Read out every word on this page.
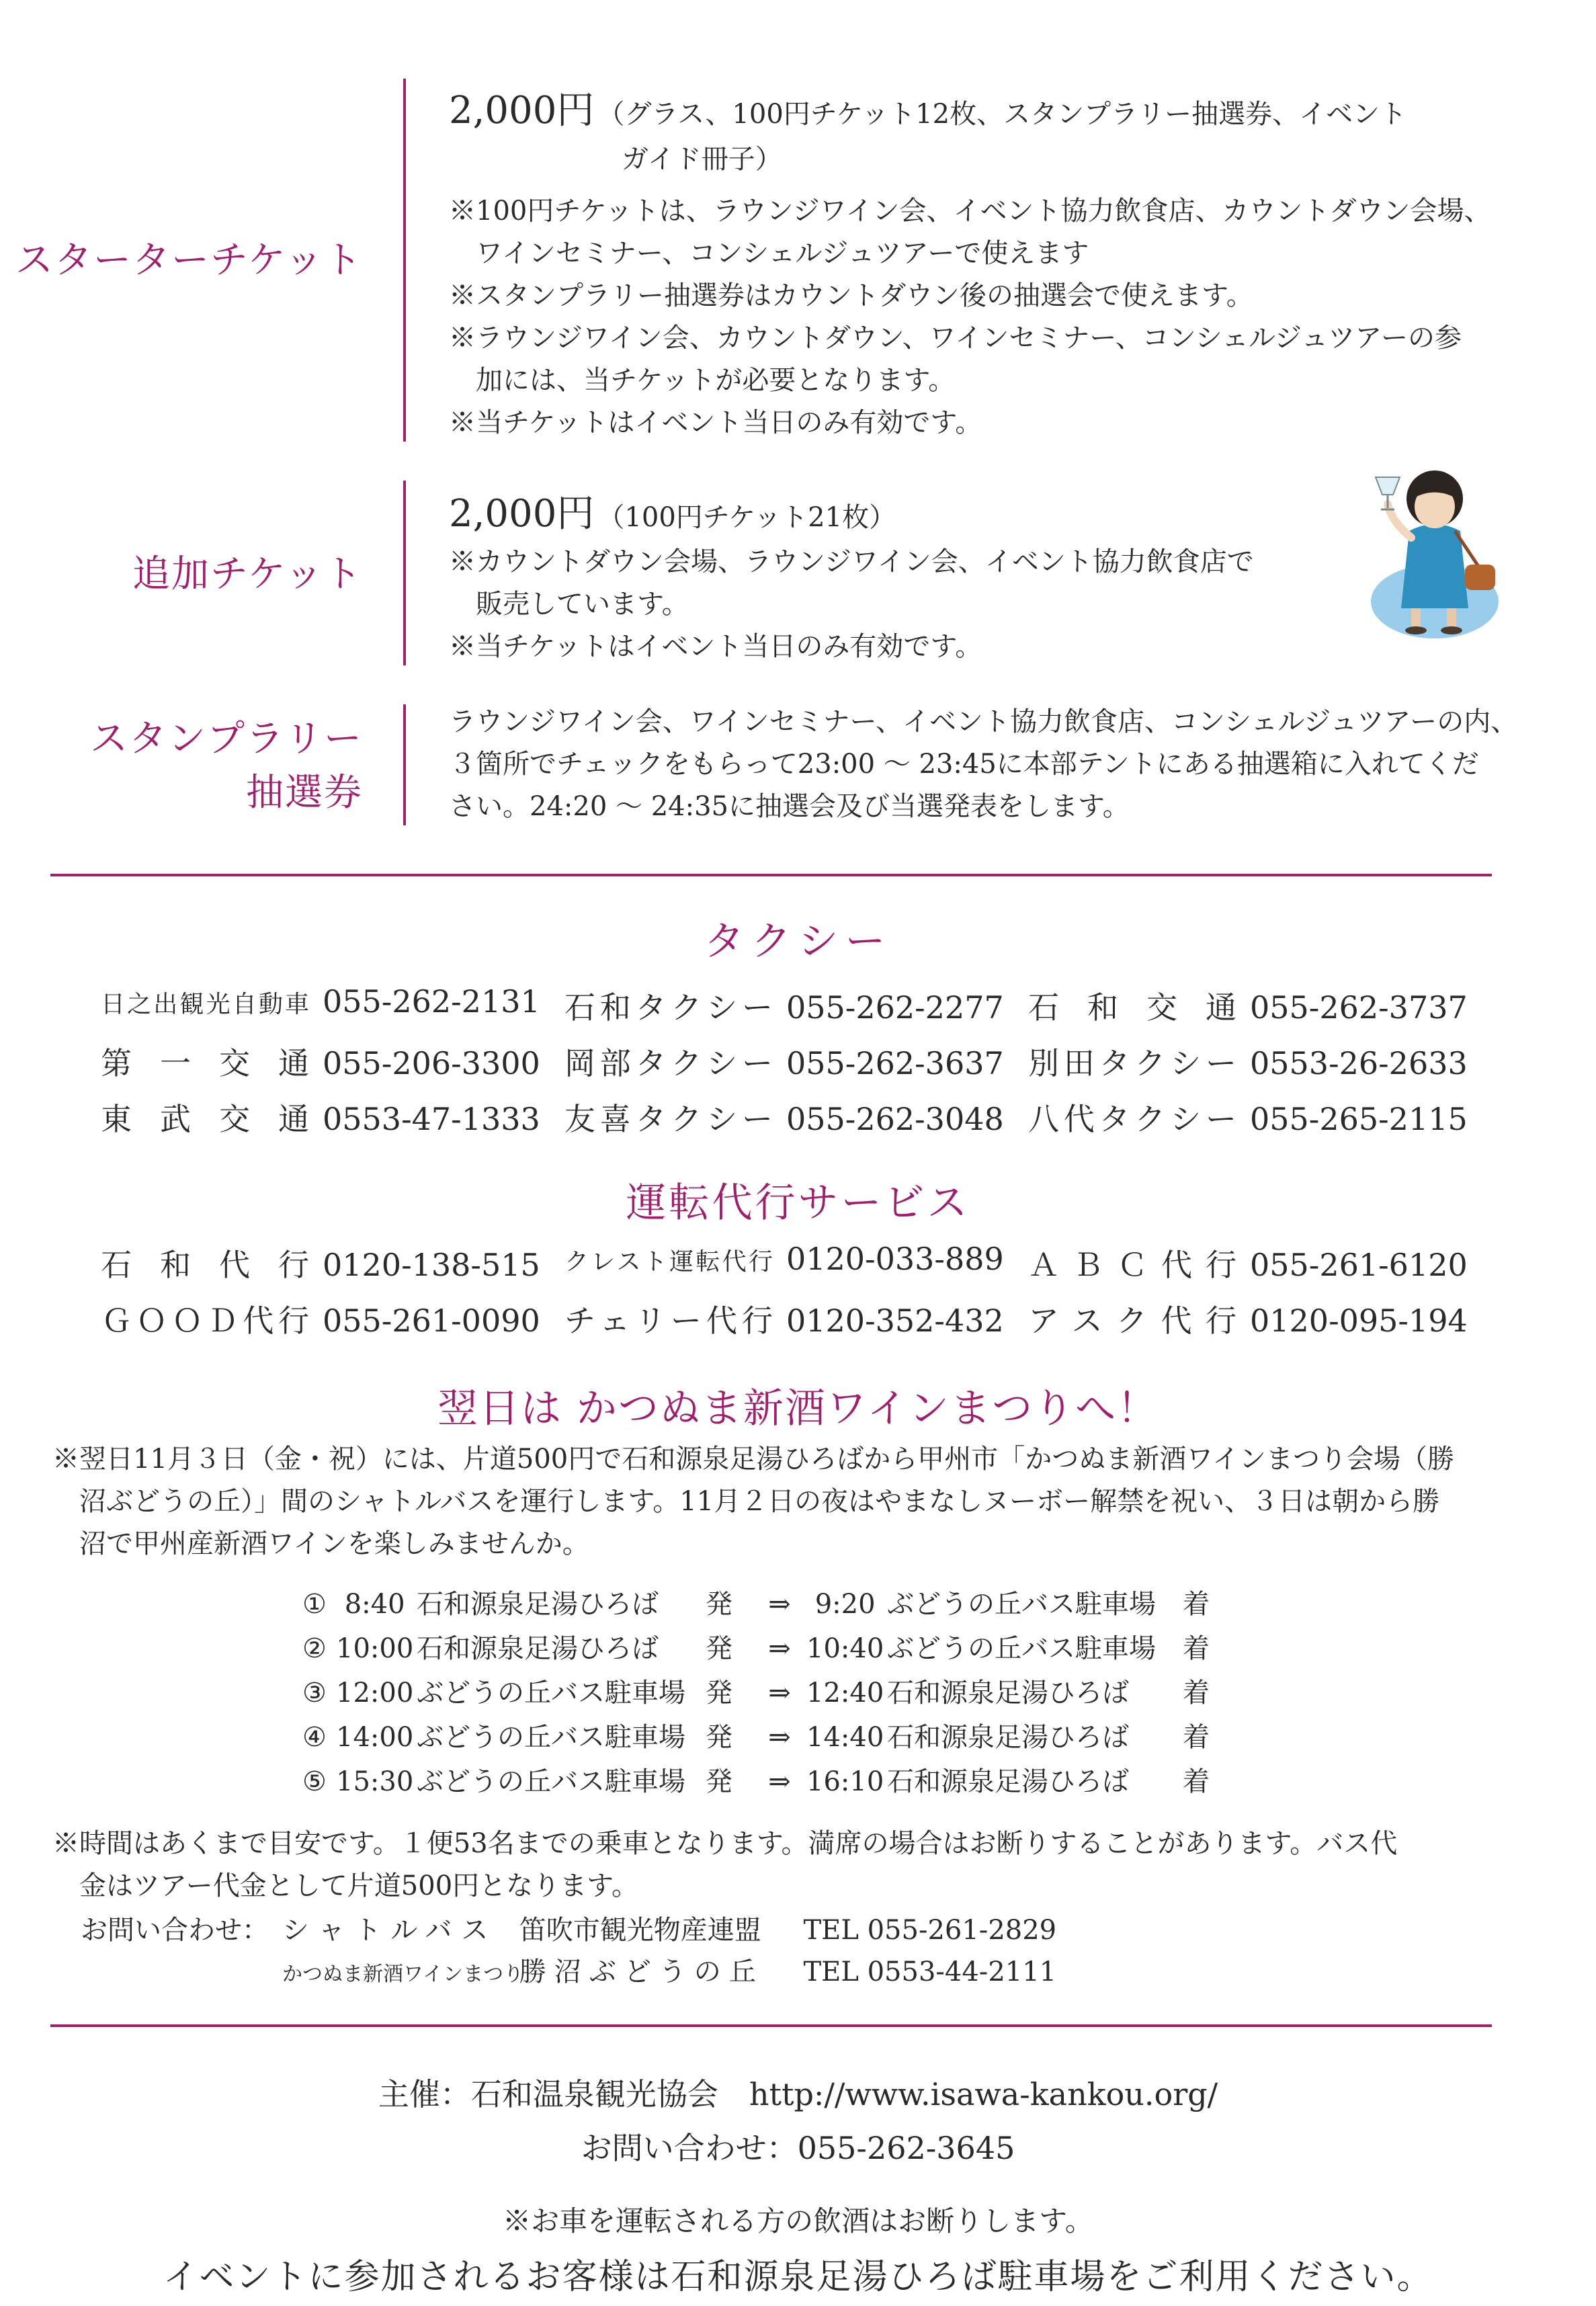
スターターチケット
2,000円 （グラス、100円チケット12枚、スタンプラリー抽選券、イベント
ガイド冊子）
※100円チケットは、ラウンジワイン会、イベント協力飲食店、カウントダウン会場、
ワインセミナー、コンシェルジュツアーで使えます
※スタンプラリー抽選券はカウントダウン後の抽選会で使えます。
※ラウンジワイン会、カウントダウン、ワインセミナー、コンシェルジュツアーの参
加には、当チケットが必要となります。
※当チケットはイベント当日のみ有効です。
追加チケット
2,000円 （100円チケット21枚）
※カウントダウン会場、ラウンジワイン会、イベント協力飲食店で
販売しています。
※当チケットはイベント当日のみ有効です。
スタンプラリー
抽選券
ラウンジワイン会、ワインセミナー、イベント協力飲食店、コンシェルジュツアーの内、
３箇所でチェックをもらって23:00 ～ 23:45に本部テントにある抽選箱に入れてくだ
さい。24:20 ～ 24:35に抽選会及び当選発表をします。
タクシー
日之出観光自動車 055-262-2131 石和タクシー 055-262-2277 石和交通 055-262-3737
第一交通 055-206-3300 岡部タクシー 055-262-3637 別田タクシー 0553-26-2633
東武交通 0553-47-1333 友喜タクシー 055-262-3048 八代タクシー 055-265-2115
運転代行サービス
石和代行 0120-138-515 クレスト運転代行 0120-033-889 ＡＢＣ代行 055-261-6120
ＧＯＯＤ代行 055-261-0090 チェリー代行 0120-352-432 アスク代行 0120-095-194
翌日は かつぬま新酒ワインまつりへ！
※翌日11月３日（金・祝）には、片道500円で石和源泉足湯ひろばから甲州市「かつぬま新酒ワインまつり会場（勝
沼ぶどうの丘）」間のシャトルバスを運行します。11月２日の夜はやまなしヌーボー解禁を祝い、３日は朝から勝
沼で甲州産新酒ワインを楽しみませんか。
① 8:40 石和源泉足湯ひろば 発 ⇒ 9:20 ぶどうの丘バス駐車場 着
② 10:00 石和源泉足湯ひろば 発 ⇒ 10:40 ぶどうの丘バス駐車場 着
③ 12:00 ぶどうの丘バス駐車場 発 ⇒ 12:40 石和源泉足湯ひろば 着
④ 14:00 ぶどうの丘バス駐車場 発 ⇒ 14:40 石和源泉足湯ひろば 着
⑤ 15:30 ぶどうの丘バス駐車場 発 ⇒ 16:10 石和源泉足湯ひろば 着
※時間はあくまで目安です。１便53名までの乗車となります。満席の場合はお断りすることがあります。バス代
金はツアー代金として片道500円となります。
お問い合わせ： シャトルバス 笛吹市観光物産連盟 TEL 055-261-2829
かつぬま新酒ワインまつり 勝沼ぶどうの丘 TEL 0553-44-2111
主催：石和温泉観光協会　http://www.isawa-kankou.org/
お問い合わせ：055-262-3645
※お車を運転される方の飲酒はお断りします。
イベントに参加されるお客様は石和源泉足湯ひろば駐車場をご利用ください。
